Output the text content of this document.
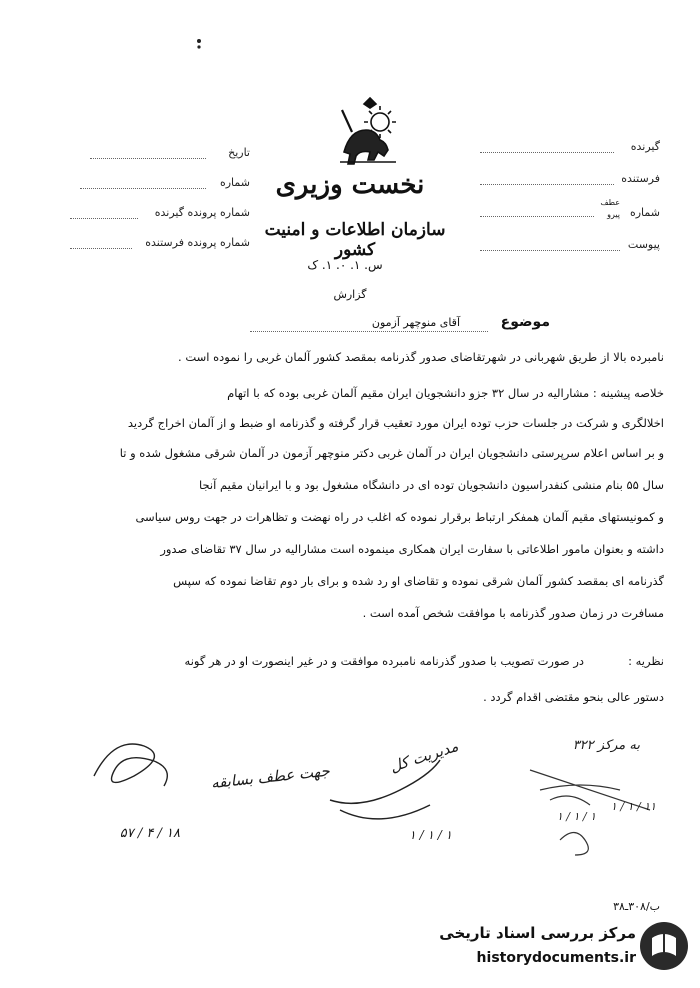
نخست وزیری
سازمان اطلاعات و امنیت کشور
س. ۱. ۰. ۱. ک
گزارش
تاریخ
شماره
شماره پرونده گیرنده
شماره پرونده فرستنده
گیرنده
فرستنده
شماره
عطف
پیرو
پیوست
موضوع
آقای منوچهر آزمون
نامبرده بالا از طریق شهربانی در شهرتقاضای صدور گذرنامه بمقصد کشور آلمان غربی را نموده است .
خلاصه پیشینه : مشارالیه در سال ۳۲ جزو دانشجویان ایران مقیم آلمان غربی بوده که با اتهام
اخلالگری و شرکت در جلسات حزب توده ایران مورد تعقیب قرار گرفته و گذرنامه او ضبط و از آلمان اخراج گردید
و بر اساس اعلام سرپرستی دانشجویان ایران در آلمان غربی دکتر منوچهر آزمون در آلمان شرقی مشغول شده و تا
سال ۵۵ بنام منشی کنفدراسیون دانشجویان توده ای در دانشگاه مشغول بود و با ایرانیان مقیم آنجا
و کمونیستهای مقیم آلمان همفکر ارتباط برقرار نموده که اغلب در راه نهضت و تظاهرات در جهت روس سیاسی
داشته و بعنوان مامور اطلاعاتی با سفارت ایران همکاری مینموده است مشارالیه در سال ۳۷ تقاضای صدور
گذرنامه ای بمقصد کشور آلمان شرقی نموده و تقاضای او رد شده و برای بار دوم تقاضا نموده که سپس
مسافرت در زمان صدور گذرنامه با موافقت شخص آمده است .
نظریه :
در صورت تصویب با صدور گذرنامه نامبرده موافقت و در غیر اینصورت او در هر گونه
دستور عالی بنحو مقتضی اقدام گردد .
جهت عطف بسابقه
۱۸ / ۴ / ۵۷
مدیریت کل
۱ / ۱ / ۱
به مرکز ۳۲۲
۱ / ۱ / ۱
۱۱ / ۱ / ۱
ب/۳۰۸ـ۳۸
مرکز بررسی اسناد تاریخی
historydocuments.ir
